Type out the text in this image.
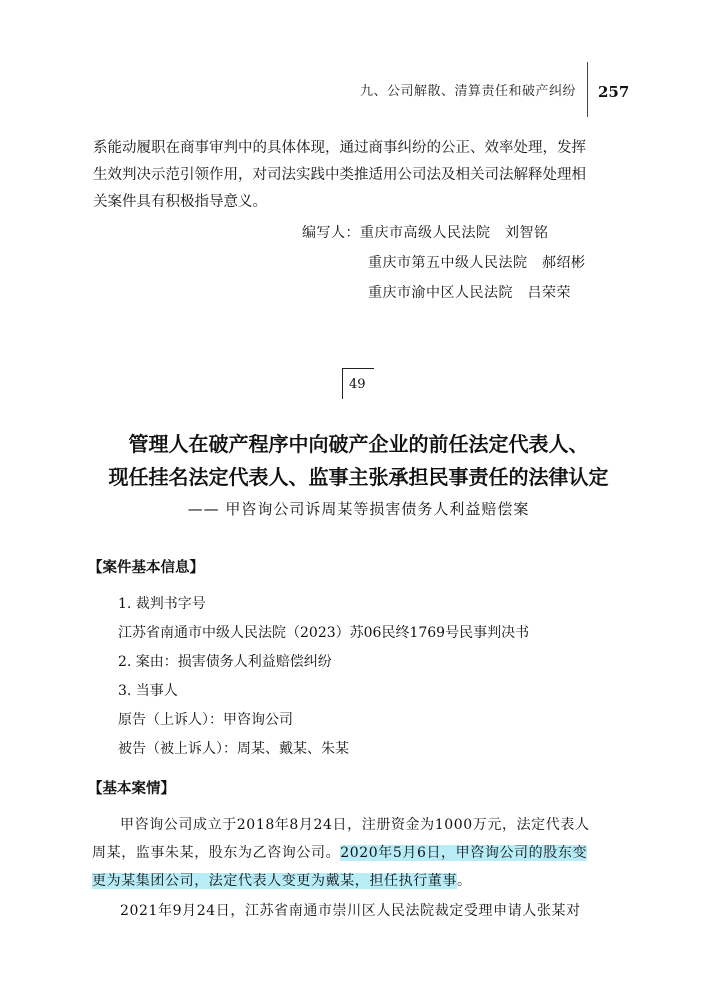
九、公司解散、清算责任和破产纠纷 257
系能动履职在商事审判中的具体体现，通过商事纠纷的公正、效率处理，发挥
生效判决示范引领作用，对司法实践中类推适用公司法及相关司法解释处理相
关案件具有积极指导意义。
编写人：重庆市高级人民法院　刘智铭
重庆市第五中级人民法院　郝绍彬
重庆市渝中区人民法院　吕荣荣
49
管理人在破产程序中向破产企业的前任法定代表人、
现任挂名法定代表人、监事主张承担民事责任的法律认定
—— 甲咨询公司诉周某等损害债务人利益赔偿案
【案件基本信息】
1. 裁判书字号
江苏省南通市中级人民法院（2023）苏06民终1769号民事判决书
2. 案由：损害债务人利益赔偿纠纷
3. 当事人
原告（上诉人）：甲咨询公司
被告（被上诉人）：周某、戴某、朱某
【基本案情】
甲咨询公司成立于2018年8月24日，注册资金为1000万元，法定代表人
周某，监事朱某，股东为乙咨询公司。2020年5月6日，甲咨询公司的股东变
更为某集团公司，法定代表人变更为戴某，担任执行董事。
2021年9月24日，江苏省南通市崇川区人民法院裁定受理申请人张某对
